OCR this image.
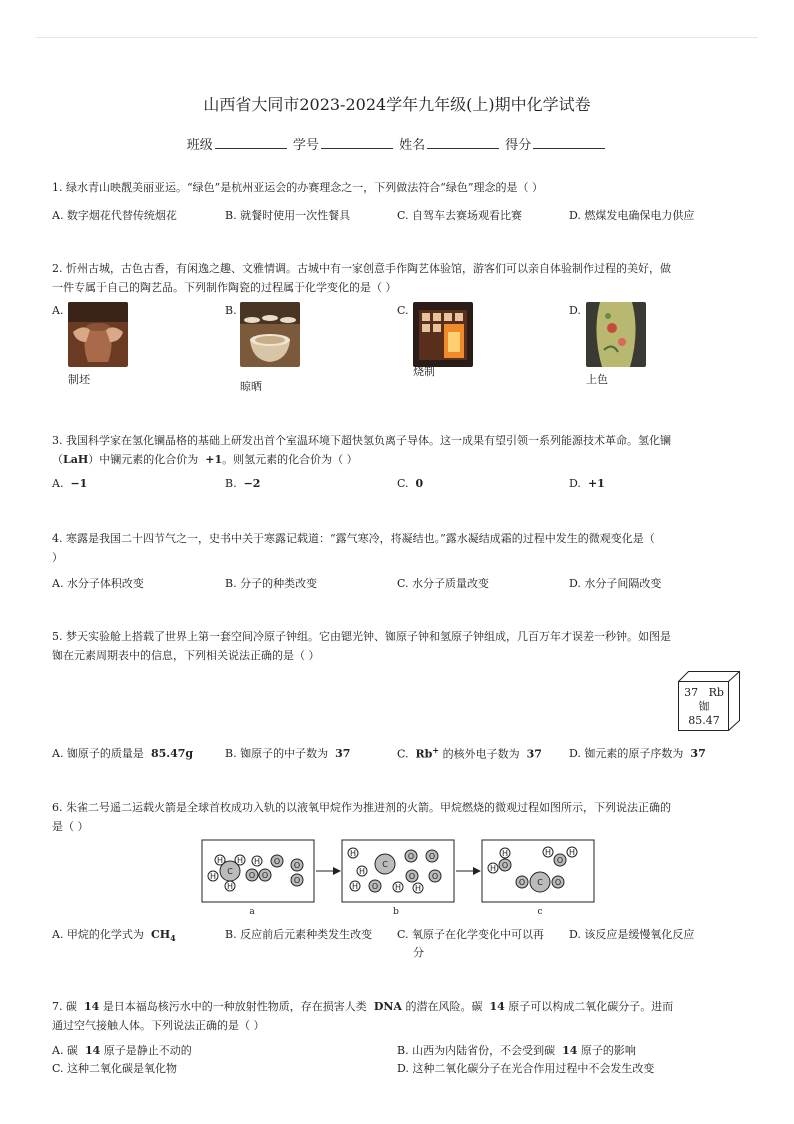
山西省大同市2023-2024学年九年级(上)期中化学试卷
班级	学号	姓名	得分
1. 绿水青山映靓美丽亚运。“绿色”是杭州亚运会的办赛理念之一，下列做法符合“绿色”理念的是（ ）
A. 数字烟花代替传统烟花	B. 就餐时使用一次性餐具	C. 自驾车去赛场观看比赛	D. 燃煤发电确保电力供应
2. 忻州古城，古色古香，有闲逸之趣、文雅情调。古城中有一家创意手作陶艺体验馆，游客们可以亲自体验制作过程的美好，做
一件专属于自己的陶艺品。下列制作陶瓷的过程属于化学变化的是（ ）
A.	B.	C.	D.
制坯
晾晒
烧制
上色
3. 我国科学家在氢化镧晶格的基础上研发出首个室温环境下超快氢负离子导体。这一成果有望引领一系列能源技术革命。氢化镧
（LaH）中镧元素的化合价为 +1。则氢元素的化合价为（ ）
A. −1	B. −2	C. 0	D. +1
4. 寒露是我国二十四节气之一，史书中关于寒露记载道：“露气寒冷，将凝结也。”露水凝结成霜的过程中发生的微观变化是（
）
A. 水分子体积改变	B. 分子的种类改变	C. 水分子质量改变	D. 水分子间隔改变
5. 梦天实验舱上搭载了世界上第一套空间冷原子钟组。它由锶光钟、铷原子钟和氢原子钟组成，几百万年才误差一秒钟。如图是
铷在元素周期表中的信息，下列相关说法正确的是（ ）
37 Rb
铷
85.47
A. 铷原子的质量是 85.47g	B. 铷原子的中子数为 37	C. Rb+ 的核外电子数为 37 D. 铷元素的原子序数为 37
6. 朱雀二号遥二运载火箭是全球首枚成功入轨的以液氧甲烷作为推进剂的火箭。甲烷燃烧的微观过程如图所示，下列说法正确的
是（ ）
C
H H
H
H
H
O O
O O
O
H
C
H
H O H
O O
O O
H
H
O
H
H
O
H
C
O	O
a	b	c
A. 甲烷的化学式为 $CH_4$	B. 反应前后元素种类发生改变 C. 氧原子在化学变化中可以再
分
D. 该反应是缓慢氧化反应
7. 碳 14 是日本福岛核污水中的一种放射性物质，存在损害人类 DNA 的潜在风险。碳 14 原子可以构成二氧化碳分子。进而
通过空气接触人体。下列说法正确的是（ ）
A. 碳 14 原子是静止不动的	B. 山西为内陆省份，不会受到碳 14 原子的影响
C. 这种二氧化碳是氧化物	D. 这种二氧化碳分子在光合作用过程中不会发生改变
